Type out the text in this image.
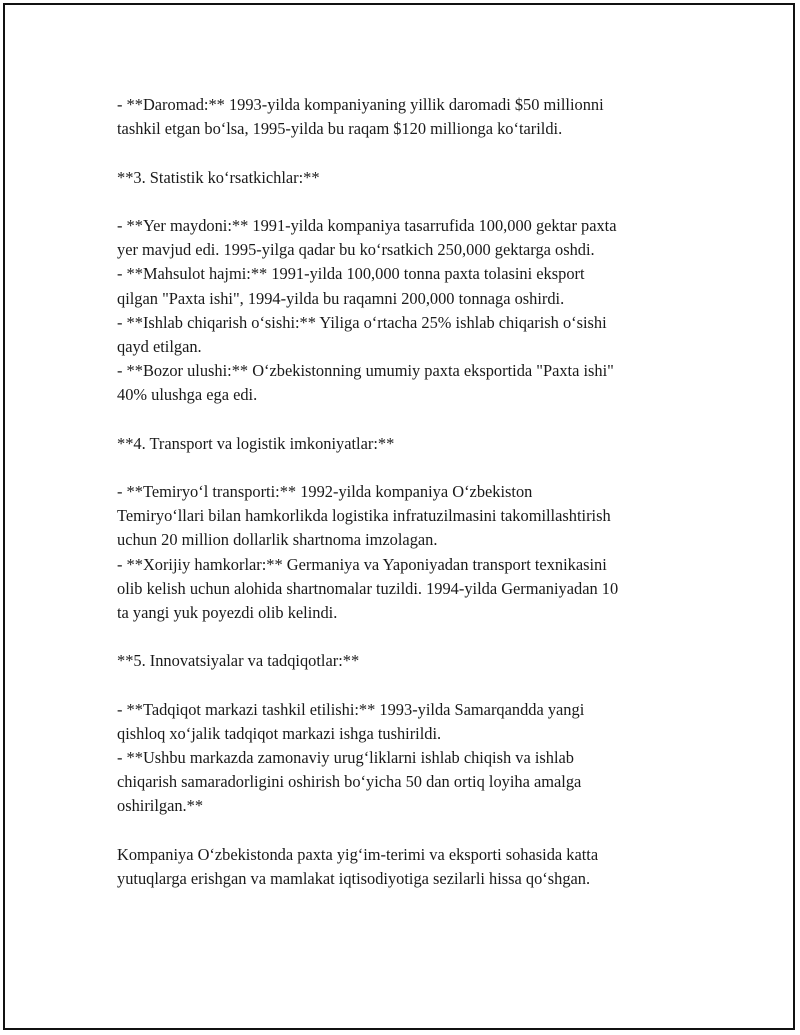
- **Daromad:** 1993-yilda kompaniyaning yillik daromadi $50 millionni
tashkil etgan bo‘lsa, 1995-yilda bu raqam $120 millionga ko‘tarildi.
**3. Statistik ko‘rsatkichlar:**
- **Yer maydoni:** 1991-yilda kompaniya tasarrufida 100,000 gektar paxta
yer mavjud edi. 1995-yilga qadar bu ko‘rsatkich 250,000 gektarga oshdi.
- **Mahsulot hajmi:** 1991-yilda 100,000 tonna paxta tolasini eksport
qilgan "Paxta ishi", 1994-yilda bu raqamni 200,000 tonnaga oshirdi.
- **Ishlab chiqarish o‘sishi:** Yiliga o‘rtacha 25% ishlab chiqarish o‘sishi
qayd etilgan.
- **Bozor ulushi:** O‘zbekistonning umumiy paxta eksportida "Paxta ishi"
40% ulushga ega edi.
**4. Transport va logistik imkoniyatlar:**
- **Temiryo‘l transporti:** 1992-yilda kompaniya O‘zbekiston
Temiryo‘llari bilan hamkorlikda logistika infratuzilmasini takomillashtirish
uchun 20 million dollarlik shartnoma imzolagan.
- **Xorijiy hamkorlar:** Germaniya va Yaponiyadan transport texnikasini
olib kelish uchun alohida shartnomalar tuzildi. 1994-yilda Germaniyadan 10
ta yangi yuk poyezdi olib kelindi.
**5. Innovatsiyalar va tadqiqotlar:**
- **Tadqiqot markazi tashkil etilishi:** 1993-yilda Samarqandda yangi
qishloq xo‘jalik tadqiqot markazi ishga tushirildi.
- **Ushbu markazda zamonaviy urug‘liklarni ishlab chiqish va ishlab
chiqarish samaradorligini oshirish bo‘yicha 50 dan ortiq loyiha amalga
oshirilgan.**
Kompaniya O‘zbekistonda paxta yig‘im-terimi va eksporti sohasida katta
yutuqlarga erishgan va mamlakat iqtisodiyotiga sezilarli hissa qo‘shgan.
